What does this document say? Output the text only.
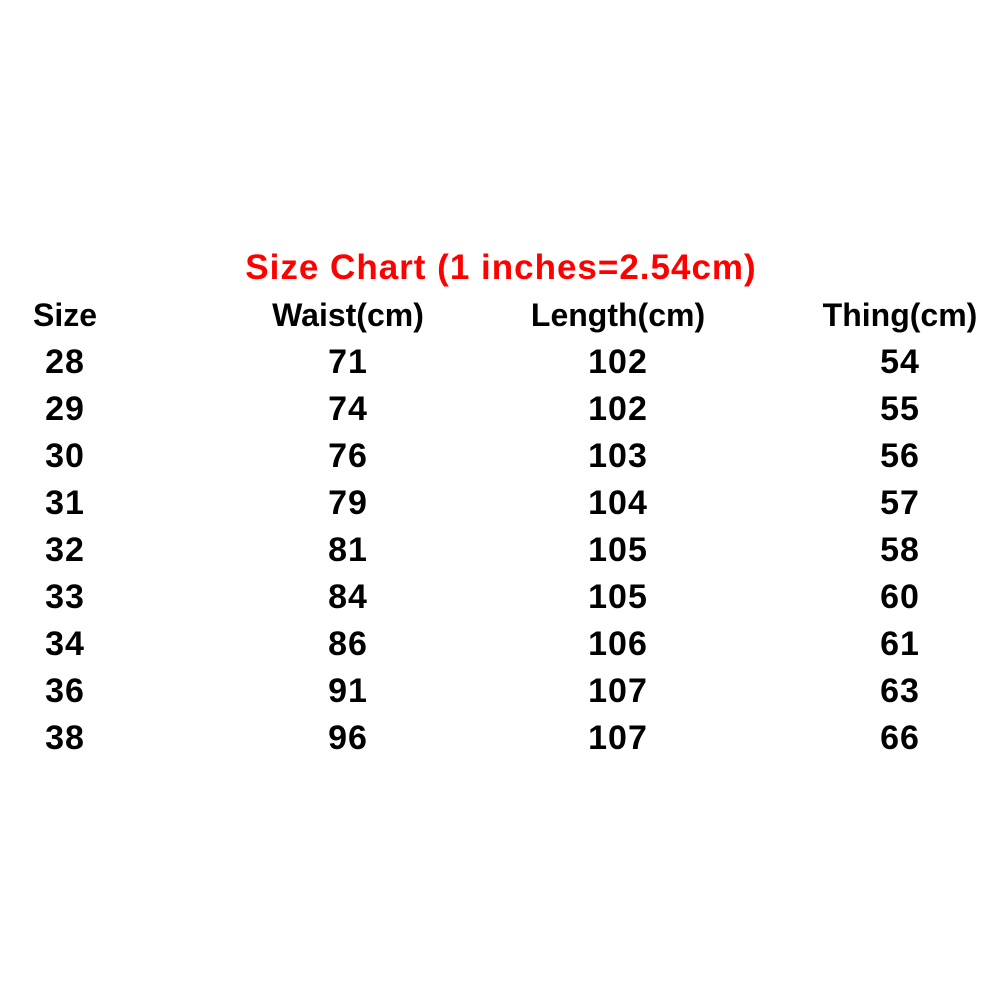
Size Chart (1 inches=2.54cm)
Size
28
29
30
31
32
33
34
36
38
Waist(cm)
71
74
76
79
81
84
86
91
96
Length(cm)
102
102
103
104
105
105
106
107
107
Thing(cm)
54
55
56
57
58
60
61
63
66
